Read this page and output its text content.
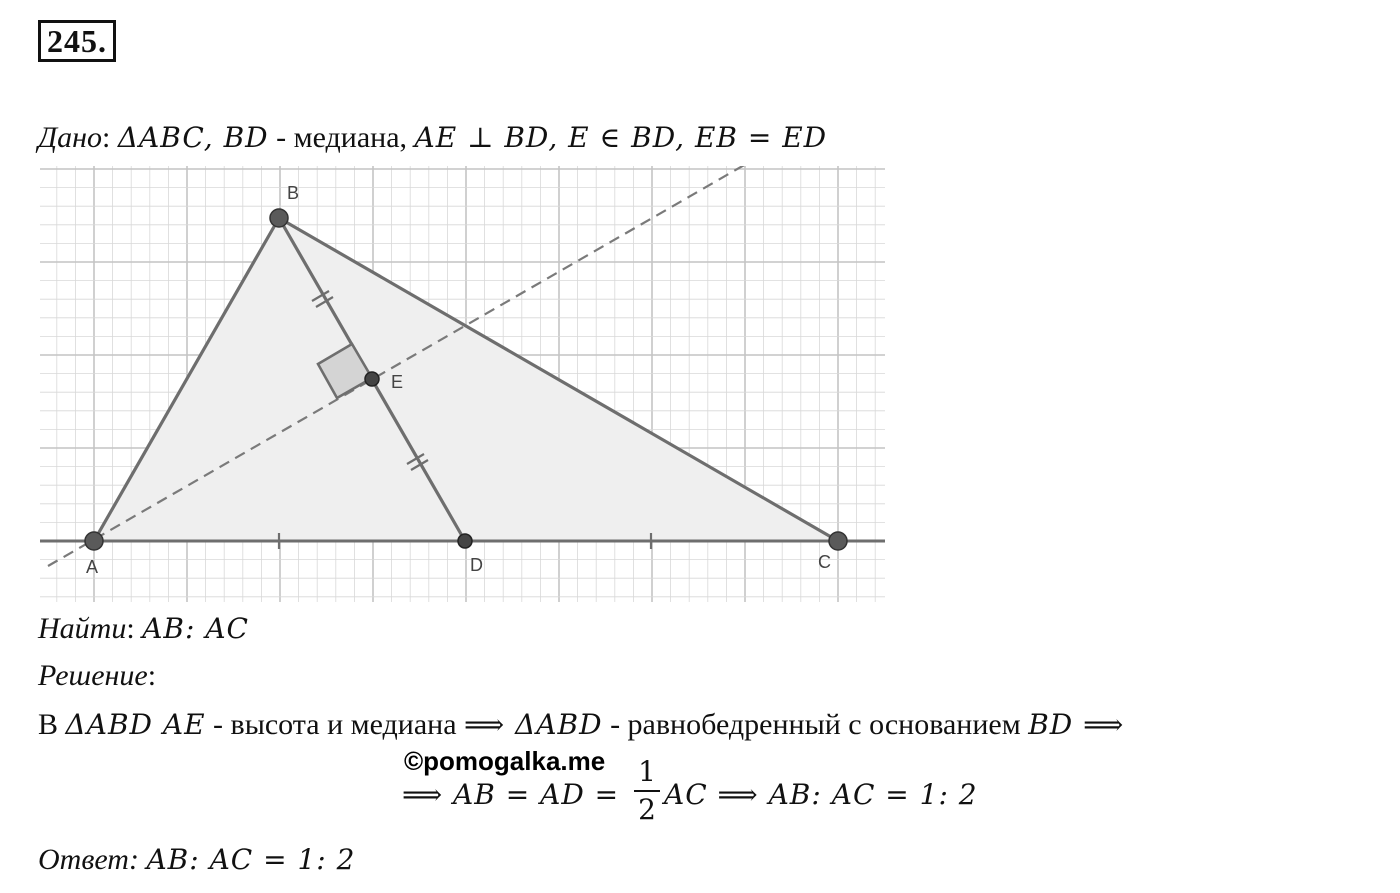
245.
Дано: ΔABC, BD - медиана, AE ⊥ BD, E ∈ BD, EB = ED
A
B
C
D
E
Найти: AB: AC
Решение:
В ΔABD AE - высота и медиана ⟹ ΔABD - равнобедренный с основанием BD ⟹
©pomogalka.me
⟹ AB = AD =
1
2 AC ⟹ AB: AC = 1: 2
Ответ: AB: AC = 1: 2
